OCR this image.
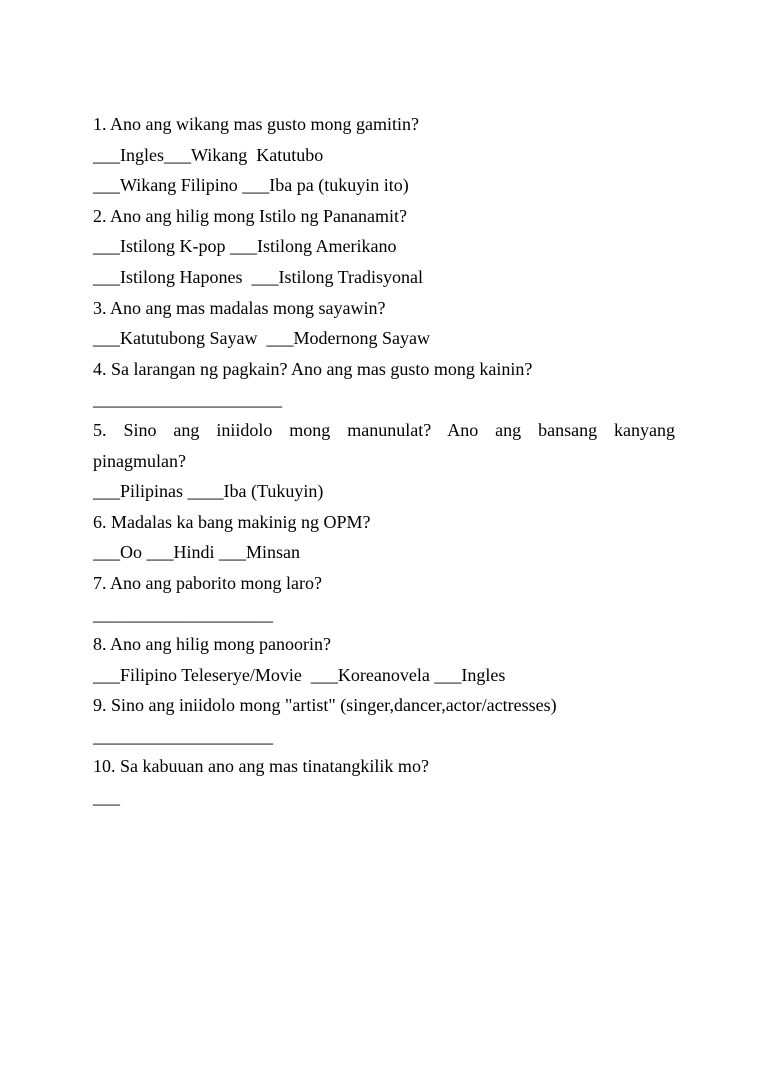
1. Ano ang wikang mas gusto mong gamitin?

___Ingles___Wikang  Katutubo

___Wikang Filipino ___Iba pa (tukuyin ito)

2. Ano ang hilig mong Istilo ng Pananamit?

___Istilong K-pop ___Istilong Amerikano

___Istilong Hapones  ___Istilong Tradisyonal

3. Ano ang mas madalas mong sayawin?

___Katutubong Sayaw  ___Modernong Sayaw

4. Sa larangan ng pagkain? Ano ang mas gusto mong kainin?

_____________________

5. Sino ang iniidolo mong manunulat? Ano ang bansang kanyang

pinagmulan?

___Pilipinas ____Iba (Tukuyin)

6. Madalas ka bang makinig ng OPM?

___Oo ___Hindi ___Minsan

7. Ano ang paborito mong laro?

____________________

8. Ano ang hilig mong panoorin?

___Filipino Teleserye/Movie  ___Koreanovela ___Ingles

9. Sino ang iniidolo mong "artist" (singer,dancer,actor/actresses)

____________________

10. Sa kabuuan ano ang mas tinatangkilik mo?

___
